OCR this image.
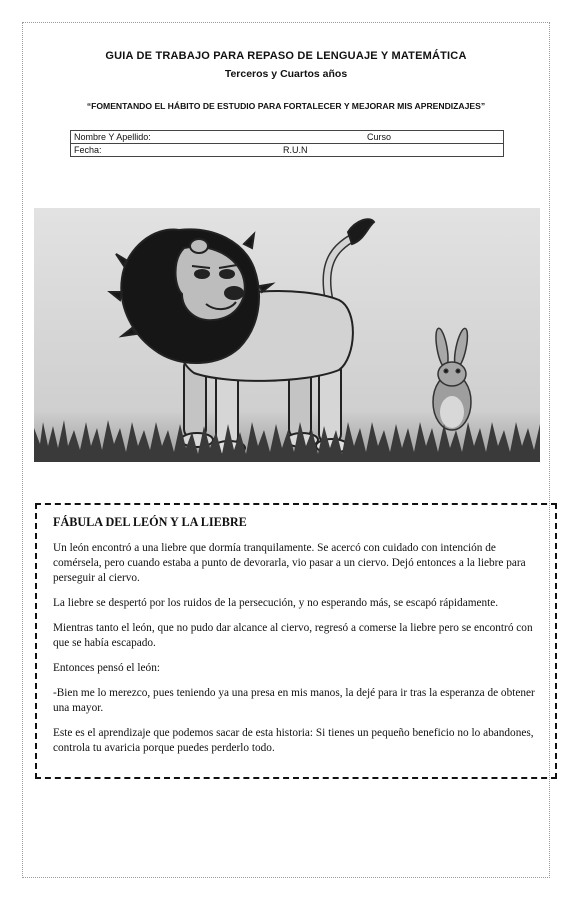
GUIA DE TRABAJO PARA REPASO DE LENGUAJE Y MATEMÁTICA
Terceros y Cuartos años
“FOMENTANDO EL HÁBITO DE ESTUDIO PARA FORTALECER Y MEJORAR MIS APRENDIZAJES”
Nombre Y Apellido:	Curso

Fecha:	R.U.N
FÁBULA DEL LEÓN Y LA LIEBRE

Un león encontró a una liebre que dormía tranquilamente. Se acercó con cuidado con intención de comérsela, pero cuando estaba a punto de devorarla, vio pasar a un ciervo. Dejó entonces a la liebre para perseguir al ciervo.

La liebre se despertó por los ruidos de la persecución, y no esperando más, se escapó rápidamente.

Mientras tanto el león, que no pudo dar alcance al ciervo, regresó a comerse la liebre pero se encontró con que se había escapado.

Entonces pensó el león:

-Bien me lo merezco, pues teniendo ya una presa en mis manos, la dejé para ir tras la esperanza de obtener una mayor.

Este es el aprendizaje que podemos sacar de esta historia: Si tienes un pequeño beneficio no lo abandones, controla tu avaricia porque puedes perderlo todo.
